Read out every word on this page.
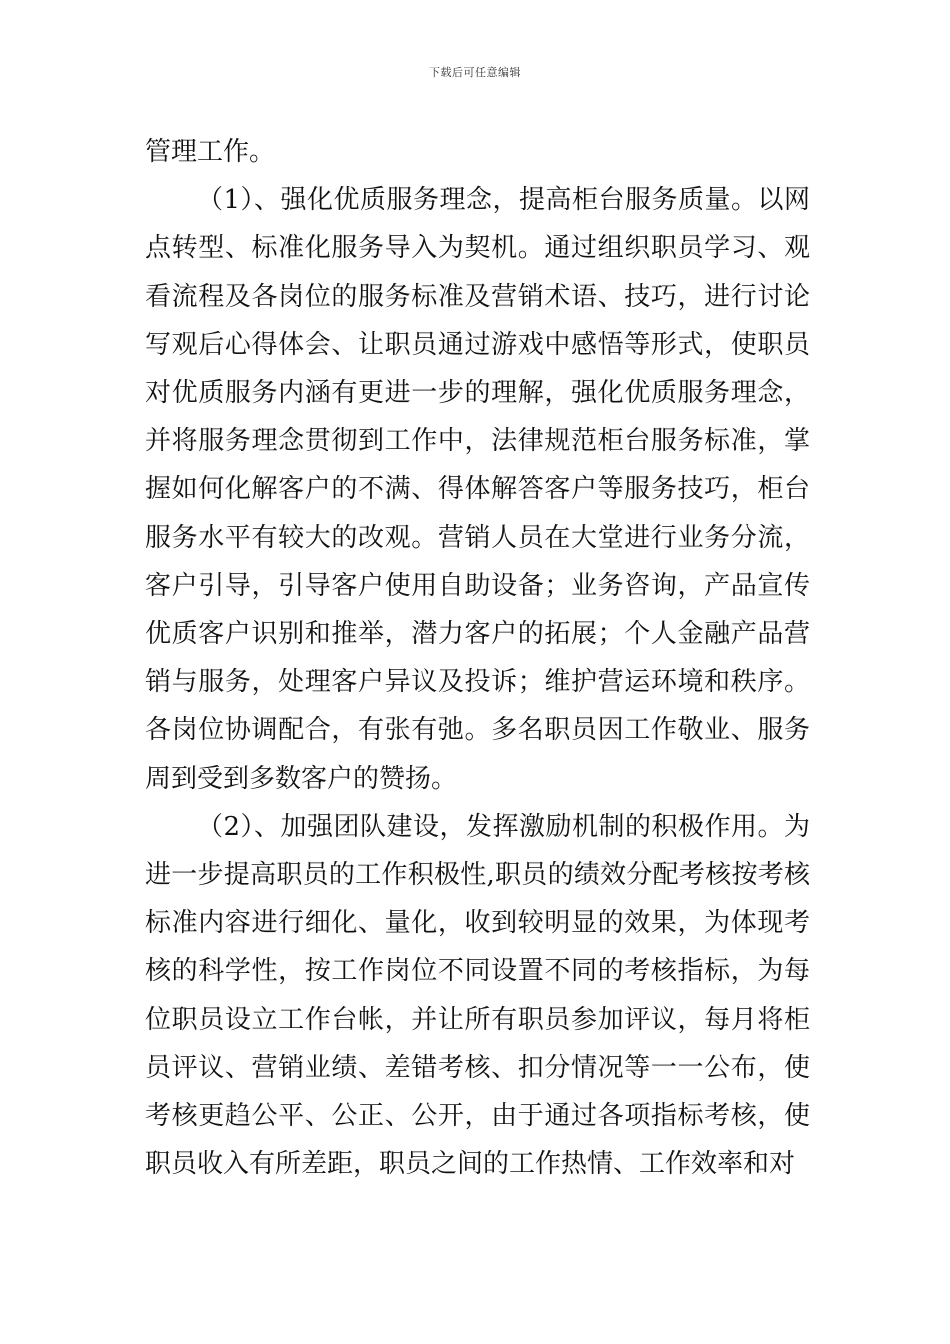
下载后可任意编辑

管理工作。

（1）、强化优质服务理念，提高柜台服务质量。以网点转型、标准化服务导入为契机。通过组织职员学习、观看流程及各岗位的服务标准及营销术语、技巧，进行讨论写观后心得体会、让职员通过游戏中感悟等形式，使职员对优质服务内涵有更进一步的理解，强化优质服务理念，并将服务理念贯彻到工作中，法律规范柜台服务标准，掌握如何化解客户的不满、得体解答客户等服务技巧，柜台服务水平有较大的改观。营销人员在大堂进行业务分流，客户引导，引导客户使用自助设备；业务咨询，产品宣传优质客户识别和推举，潜力客户的拓展；个人金融产品营销与服务，处理客户异议及投诉；维护营运环境和秩序。各岗位协调配合，有张有弛。多名职员因工作敬业、服务周到受到多数客户的赞扬。

（2）、加强团队建设，发挥激励机制的积极作用。为进一步提高职员的工作积极性,职员的绩效分配考核按考核标准内容进行细化、量化，收到较明显的效果，为体现考核的科学性，按工作岗位不同设置不同的考核指标，为每位职员设立工作台帐，并让所有职员参加评议，每月将柜员评议、营销业绩、差错考核、扣分情况等一一公布，使考核更趋公平、公正、公开，由于通过各项指标考核，使职员收入有所差距，职员之间的工作热情、工作效率和对
